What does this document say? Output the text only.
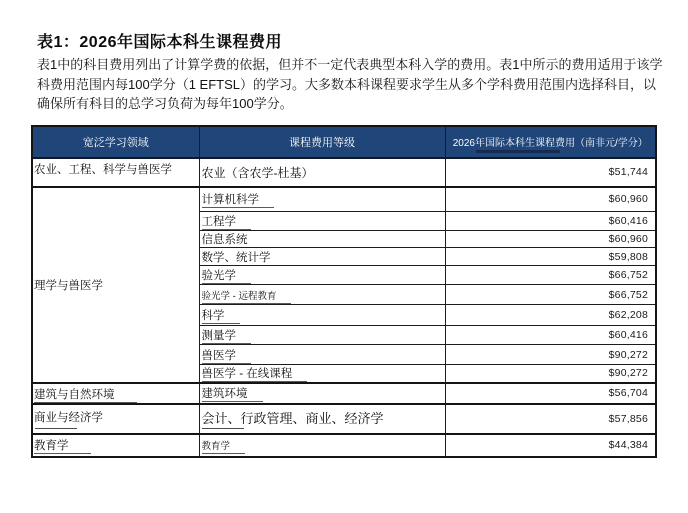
表1：2026年国际本科生课程费用

表1中的科目费用列出了计算学费的依据，但并不一定代表典型本科入学的费用。表1中所示的费用适用于该学科费用范围内每100学分（1 EFTSL）的学习。大多数本科课程要求学生从多个学科费用范围内选择科目，以确保所有科目的总学习负荷为每年100学分。

宽泛学习领域	课程费用等级	2026年国际本科生课程费用（南非元/学分）
农业、工程、科学与兽医学	农业（含农学-杜基）	$51,744
理学与兽医学	计算机科学	$60,960
	工程学	$60,416
	信息系统	$60,960
	数学、统计学	$59,808
	验光学	$66,752
	验光学 - 远程教育	$66,752
	科学	$62,208
	测量学	$60,416
	兽医学	$90,272
	兽医学 - 在线课程	$90,272
建筑与自然环境	建筑环境	$56,704
商业与经济学	会计、行政管理、商业、经济学	$57,856
教育学	教育学	$44,384
